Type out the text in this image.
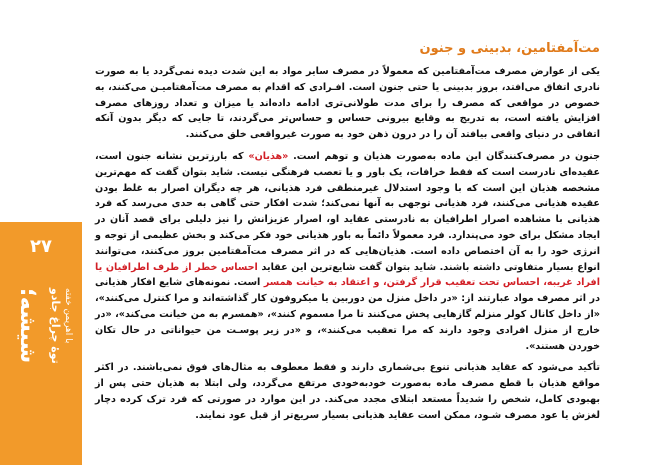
مت‌آمفتامین، بدبینی و جنون

یکی از عوارض مصرف مت‌آمفتامین که معمولاً در مصرف سایر مواد به این شدت دیده نمی‌گردد یا به صورت نادری اتفاق می‌افتد، بروز بدبینی یا حتی جنون است. افـرادی که اقدام به مصرف مت‌آمفتامیـن می‌کنند، به خصوص در مواقعی که مصرف را برای مدت طولانی‌تری ادامه داده‌اند یا میزان و تعداد روزهای مصرف افزایش یافته است، به تدریج به وقایع بیرونی حساس و حساس‌تر می‌گردند، تا جایی که دیگر بدون آنکه اتفاقی در دنیای واقعی بیافتد آن را در درون ذهن خود به صورت غیرواقعی خلق می‌کنند.

جنون در مصرف‌کنندگان این ماده به‌صورت هذیان و توهم است. «هذیان» که بارزترین نشانه جنون است، عقیده‌ای نادرست است که فقط خرافات، یک باور و یا تعصب فرهنگی نیست. شاید بتوان گفت که مهم‌ترین مشخصه هذیان این است که با وجود استدلال غیرمنطقی فرد هذیانی، هر چه دیگران اصرار به غلط بودن عقیده هذیانی می‌کنند، فرد هذیانی توجهی به آنها نمی‌کند؛ شدت افکار حتی گاهی به حدی می‌رسد که فرد هذیانی با مشاهده اصرار اطرافیان به نادرستی عقاید او، اصرار عزیزانش را نیز دلیلی برای قصد آنان در ایجاد مشکل برای خود می‌پندارد. فرد معمولاً دائماً به باور هذیانی خود فکر می‌کند و بخش عظیمی از توجه و انرژی خود را به آن اختصاص داده است. هذیان‌هایی که در اثر مصرف مت‌آمفتامین بروز می‌کنند، می‌توانند انواع بسیار متفاوتی داشته باشند. شاید بتوان گفت شایع‌ترین این عقاید احساس خطر از طرف اطرافیان یا افراد غریبه، احساس تحت تعقیب قرار گرفتن، و اعتقاد به خیانت همسر است. نمونه‌های شایع افکار هذیانی در اثر مصرف مواد عبارتند از: «در داخل منزل من دوربین یا میکروفون کار گذاشته‌اند و مرا کنترل می‌کنند»، «از داخل کانال کولر منزلم گازهایی پخش می‌کنند تا مرا مسموم کنند»، «همسرم به من خیانت می‌کند»، «در خارج از منزل افرادی وجود دارند که مرا تعقیب می‌کنند»، و «در زیر پوسـت من حیواناتی در حال تکان خوردن هستند».

تأکید می‌شود که عقاید هذیانی تنوع بی‌شماری دارند و فقط معطوف به مثال‌های فوق نمی‌باشند. در اکثر مواقع هذیان با قطع مصرف ماده به‌صورت خودبه‌خودی مرتفع می‌گردد، ولی ابتلا به هذیان حتی پس از بهبودی کامل، شخص را شدیداً مستعد ابتلای مجدد می‌کند. در این موارد در صورتی که فرد ترک کرده دچار لغزش یا عود مصرف شـود، ممکن است عقاید هذیانی بسیار سریع‌تر از قبل عود نمایند.

۲۷
شیشه؛ توهٔ چراغ جادو با اهریمن خفته
